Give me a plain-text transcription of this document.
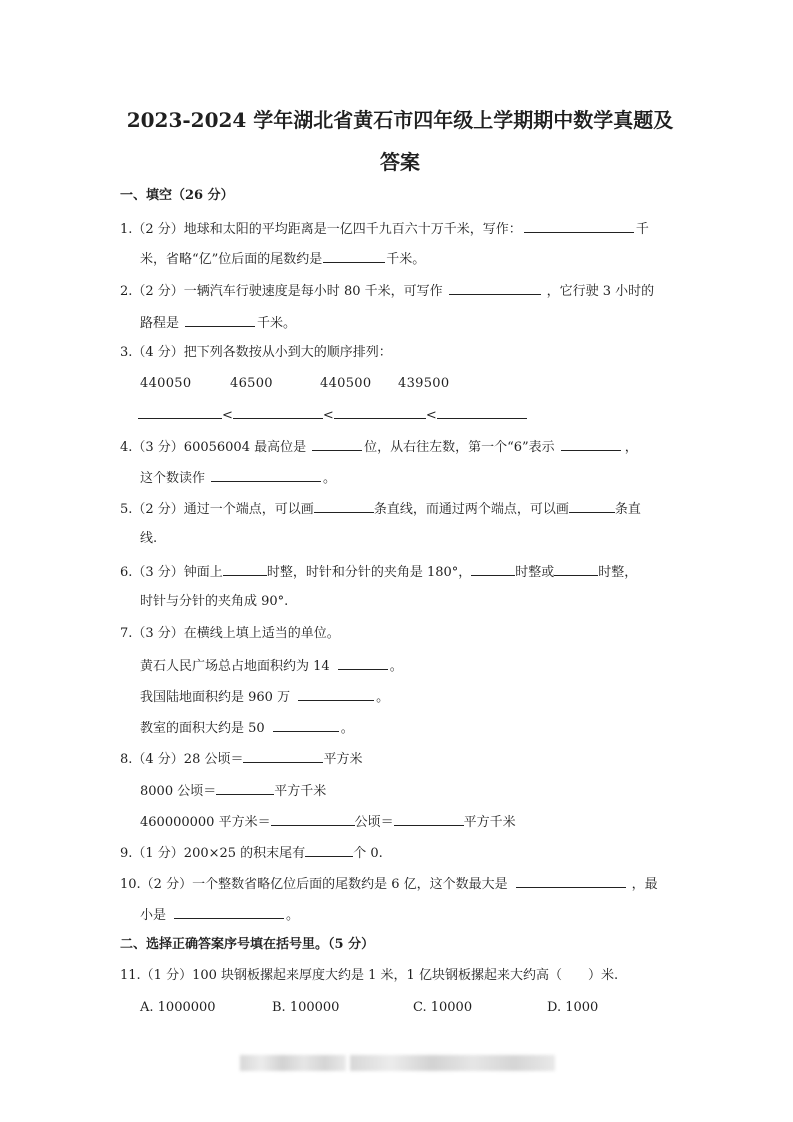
2023-2024 学年湖北省黄石市四年级上学期期中数学真题及
答案
一、填空（26 分）
1.（2 分）地球和太阳的平均距离是一亿四千九百六十万千米，写作：	千
米，省略“亿”位后面的尾数约是	千米。
2.（2 分）一辆汽车行驶速度是每小时 80 千米，可写作	，它行驶 3 小时的
路程是	千米。
3.（4 分）把下列各数按从小到大的顺序排列：
440050	46500	440500 439500
<	<	<
4.（3 分）60056004 最高位是	位，从右往左数，第一个“6”表示	，
这个数读作	。
5.（2 分）通过一个端点，可以画	条直线，而通过两个端点，可以画	条直
线.
6.（3 分）钟面上	时整，时针和分针的夹角是 180°，	时整或	时整，
时针与分针的夹角成 90°.
7.（3 分）在横线上填上适当的单位。
黄石人民广场总占地面积约为 14	。
我国陆地面积约是 960 万	。
教室的面积大约是 50	。
8.（4 分）28 公顷＝	平方米
8000 公顷＝	平方千米
460000000 平方米＝	公顷＝	平方千米
9.（1 分）200×25 的积末尾有	个 0.
10.（2 分）一个整数省略亿位后面的尾数约是 6 亿，这个数最大是	，最
小是	。
二、选择正确答案序号填在括号里。（5 分）
11.（1 分）100 块钢板摞起来厚度大约是 1 米，1 亿块钢板摞起来大约高（　　）米.
A. 1000000	B. 100000	C. 10000	D. 1000
